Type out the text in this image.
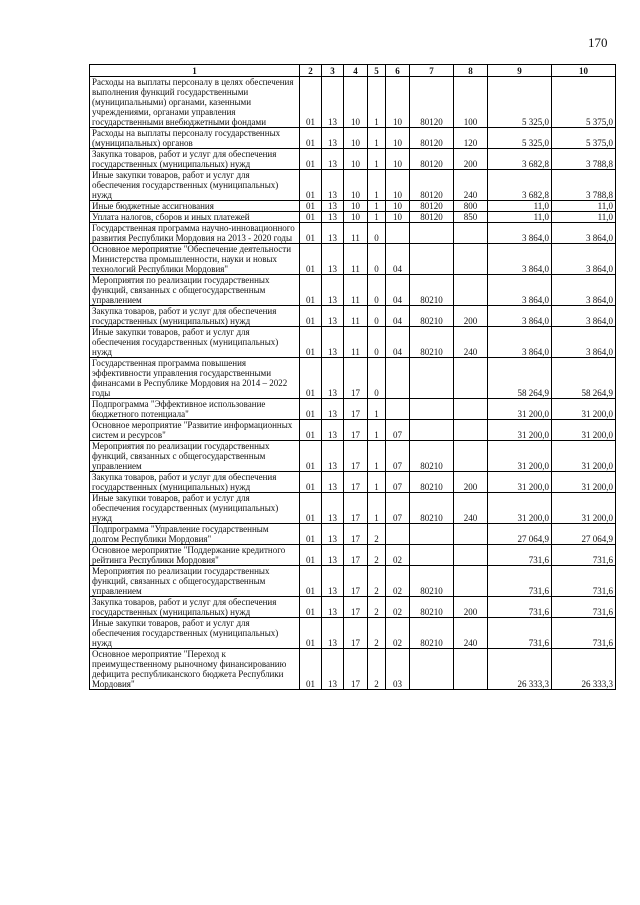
170
1	2	3	4	5	6	7	8	9	10
Расходы на выплаты персоналу в целях обеспечения выполнения функций государственными (муниципальными) органами, казенными учреждениями, органами управления государственными внебюджетными фондами	01	13	10	1	10	80120	100	5 325,0	5 375,0
Расходы на выплаты персоналу государственных (муниципальных) органов	01	13	10	1	10	80120	120	5 325,0	5 375,0
Закупка товаров, работ и услуг для обеспечения государственных (муниципальных) нужд	01	13	10	1	10	80120	200	3 682,8	3 788,8
Иные закупки товаров, работ и услуг для обеспечения государственных (муниципальных) нужд	01	13	10	1	10	80120	240	3 682,8	3 788,8
Иные бюджетные ассигнования	01	13	10	1	10	80120	800	11,0	11,0
Уплата налогов, сборов и иных платежей	01	13	10	1	10	80120	850	11,0	11,0
Государственная программа научно-инновационного развития Республики Мордовия на 2013 - 2020 годы	01	13	11	0				3 864,0	3 864,0
Основное мероприятие "Обеспечение деятельности Министерства промышленности, науки и новых технологий Республики Мордовия"	01	13	11	0	04			3 864,0	3 864,0
Мероприятия по реализации государственных функций, связанных с общегосударственным управлением	01	13	11	0	04	80210		3 864,0	3 864,0
Закупка товаров, работ и услуг для обеспечения государственных (муниципальных) нужд	01	13	11	0	04	80210	200	3 864,0	3 864,0
Иные закупки товаров, работ и услуг для обеспечения государственных (муниципальных) нужд	01	13	11	0	04	80210	240	3 864,0	3 864,0
Государственная программа повышения эффективности управления государственными финансами в Республике Мордовия на 2014 – 2022 годы	01	13	17	0				58 264,9	58 264,9
Подпрограмма "Эффективное использование бюджетного потенциала"	01	13	17	1				31 200,0	31 200,0
Основное мероприятие "Развитие информационных систем и ресурсов"	01	13	17	1	07			31 200,0	31 200,0
Мероприятия по реализации государственных функций, связанных с общегосударственным управлением	01	13	17	1	07	80210		31 200,0	31 200,0
Закупка товаров, работ и услуг для обеспечения государственных (муниципальных) нужд	01	13	17	1	07	80210	200	31 200,0	31 200,0
Иные закупки товаров, работ и услуг для обеспечения государственных (муниципальных) нужд	01	13	17	1	07	80210	240	31 200,0	31 200,0
Подпрограмма "Управление государственным долгом Республики Мордовия"	01	13	17	2				27 064,9	27 064,9
Основное мероприятие "Поддержание кредитного рейтинга Республики Мордовия"	01	13	17	2	02			731,6	731,6
Мероприятия по реализации государственных функций, связанных с общегосударственным управлением	01	13	17	2	02	80210		731,6	731,6
Закупка товаров, работ и услуг для обеспечения государственных (муниципальных) нужд	01	13	17	2	02	80210	200	731,6	731,6
Иные закупки товаров, работ и услуг для обеспечения государственных (муниципальных) нужд	01	13	17	2	02	80210	240	731,6	731,6
Основное мероприятие "Переход к преимущественному рыночному финансированию дефицита республиканского бюджета Республики Мордовия"	01	13	17	2	03			26 333,3	26 333,3
